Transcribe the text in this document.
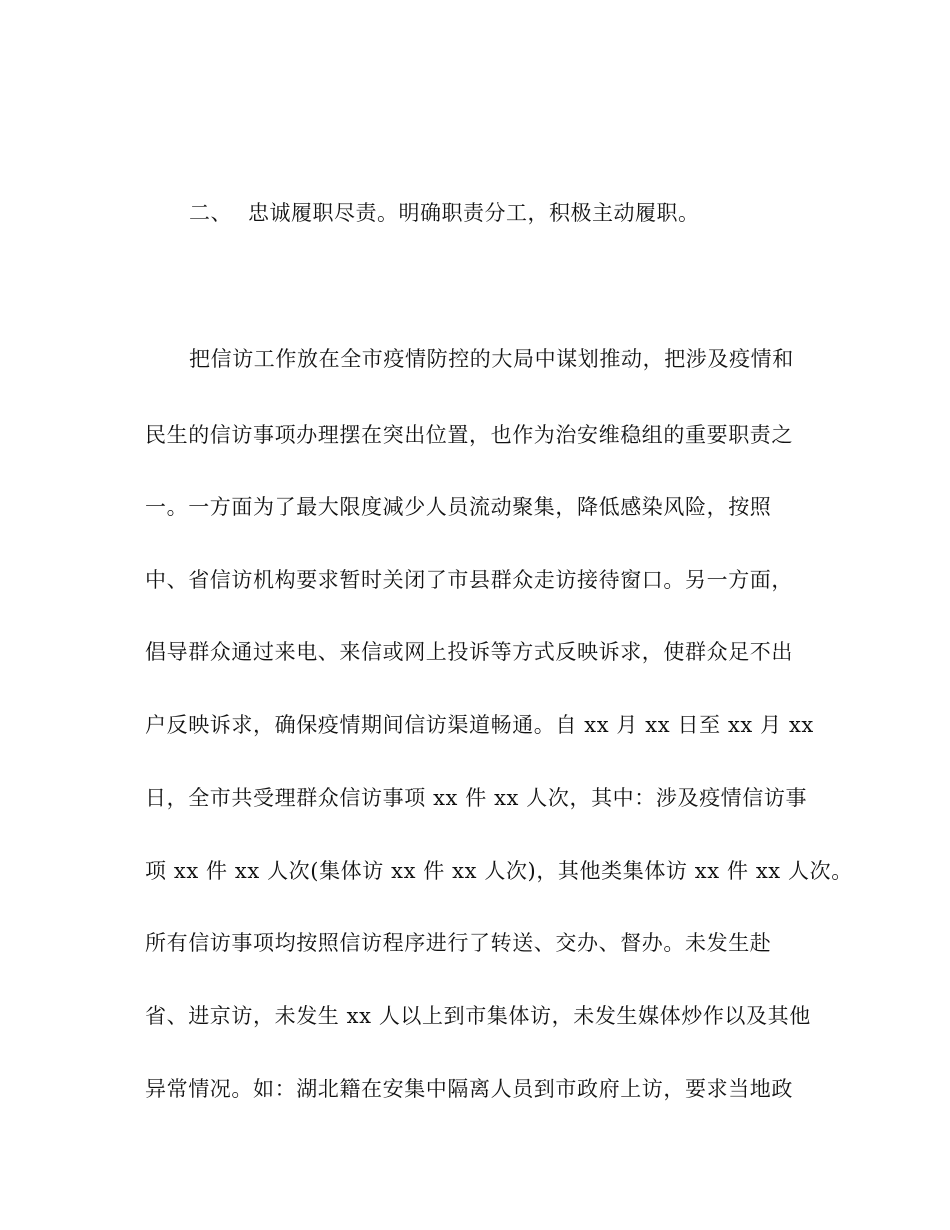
二、 忠诚履职尽责。明确职责分工，积极主动履职。
把信访工作放在全市疫情防控的大局中谋划推动，把涉及疫情和
民生的信访事项办理摆在突出位置，也作为治安维稳组的重要职责之
一。一方面为了最大限度减少人员流动聚集，降低感染风险，按照
中、省信访机构要求暂时关闭了市县群众走访接待窗口。另一方面，
倡导群众通过来电、来信或网上投诉等方式反映诉求，使群众足不出
户反映诉求，确保疫情期间信访渠道畅通。自 xx 月 xx 日至 xx 月 xx
日，全市共受理群众信访事项 xx 件 xx 人次，其中：涉及疫情信访事
项 xx 件 xx 人次(集体访 xx 件 xx 人次)，其他类集体访 xx 件 xx 人次。
所有信访事项均按照信访程序进行了转送、交办、督办。未发生赴
省、进京访，未发生 xx 人以上到市集体访，未发生媒体炒作以及其他
异常情况。如：湖北籍在安集中隔离人员到市政府上访，要求当地政
